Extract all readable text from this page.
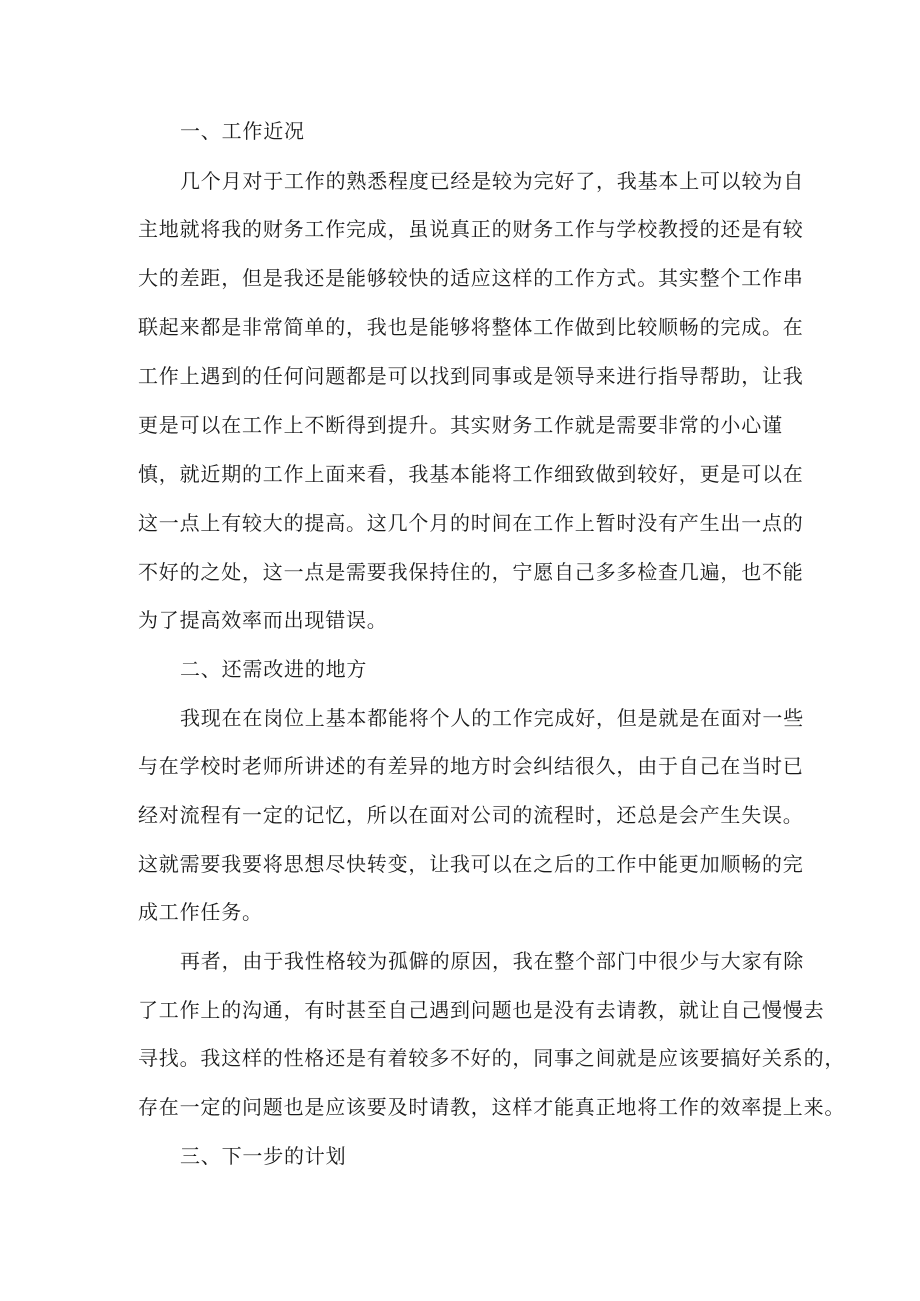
一、工作近况
几个月对于工作的熟悉程度已经是较为完好了，我基本上可以较为自
主地就将我的财务工作完成，虽说真正的财务工作与学校教授的还是有较
大的差距，但是我还是能够较快的适应这样的工作方式。其实整个工作串
联起来都是非常简单的，我也是能够将整体工作做到比较顺畅的完成。在
工作上遇到的任何问题都是可以找到同事或是领导来进行指导帮助，让我
更是可以在工作上不断得到提升。其实财务工作就是需要非常的小心谨
慎，就近期的工作上面来看，我基本能将工作细致做到较好，更是可以在
这一点上有较大的提高。这几个月的时间在工作上暂时没有产生出一点的
不好的之处，这一点是需要我保持住的，宁愿自己多多检查几遍，也不能
为了提高效率而出现错误。
二、还需改进的地方
我现在在岗位上基本都能将个人的工作完成好，但是就是在面对一些
与在学校时老师所讲述的有差异的地方时会纠结很久，由于自己在当时已
经对流程有一定的记忆，所以在面对公司的流程时，还总是会产生失误。
这就需要我要将思想尽快转变，让我可以在之后的工作中能更加顺畅的完
成工作任务。
再者，由于我性格较为孤僻的原因，我在整个部门中很少与大家有除
了工作上的沟通，有时甚至自己遇到问题也是没有去请教，就让自己慢慢去
寻找。我这样的性格还是有着较多不好的，同事之间就是应该要搞好关系的，
存在一定的问题也是应该要及时请教，这样才能真正地将工作的效率提上来。
三、下一步的计划
